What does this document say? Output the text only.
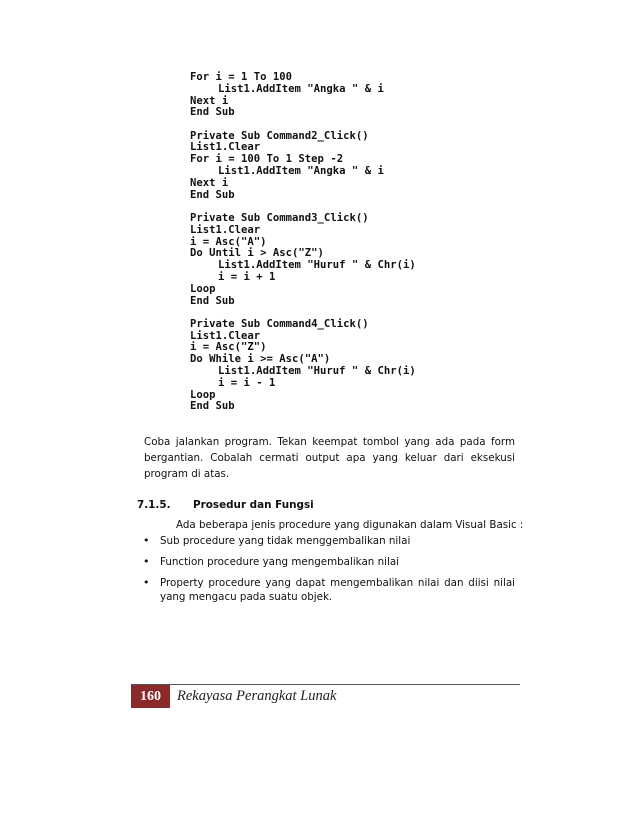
For i = 1 To 100
List1.AddItem "Angka " & i
Next i
End Sub
Private Sub Command2_Click()
List1.Clear
For i = 100 To 1 Step -2
List1.AddItem "Angka " & i
Next i
End Sub
Private Sub Command3_Click()
List1.Clear
i = Asc("A")
Do Until i > Asc("Z")
List1.AddItem "Huruf " & Chr(i)
i = i + 1
Loop
End Sub
Private Sub Command4_Click()
List1.Clear
i = Asc("Z")
Do While i >= Asc("A")
List1.AddItem "Huruf " & Chr(i)
i = i - 1
Loop
End Sub

Coba jalankan program. Tekan keempat tombol yang ada pada form bergantian. Cobalah cermati output apa yang keluar dari eksekusi program di atas.

7.1.5. Prosedur dan Fungsi
Ada beberapa jenis procedure yang digunakan dalam Visual Basic :
• Sub procedure yang tidak menggembalikan nilai
• Function procedure yang mengembalikan nilai
• Property procedure yang dapat mengembalikan nilai dan diisi nilai yang mengacu pada suatu objek.
160	Rekayasa Perangkat Lunak
